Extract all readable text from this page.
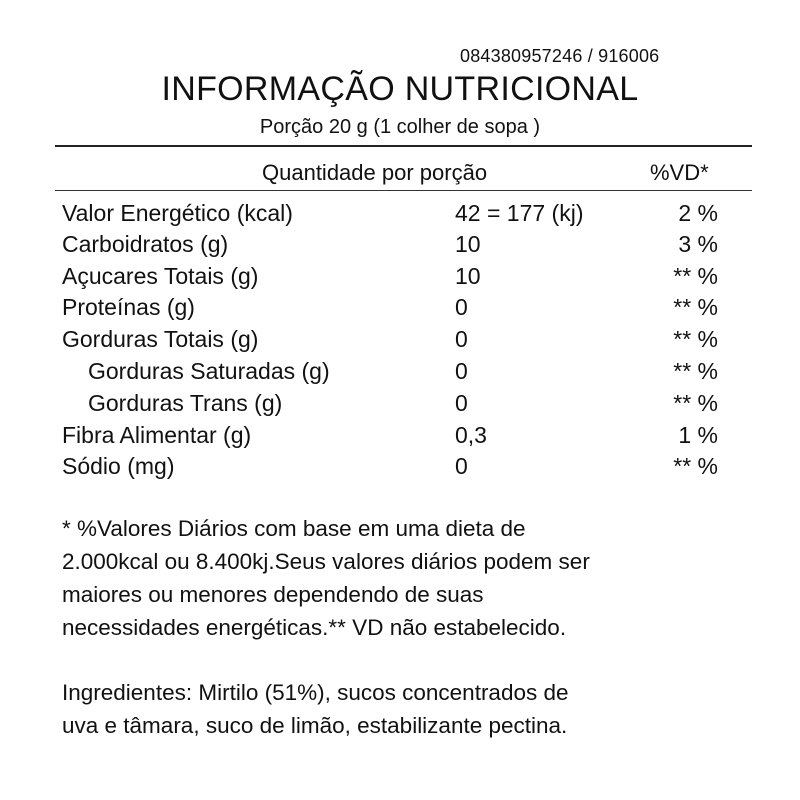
084380957246 / 916006
INFORMAÇÃO NUTRICIONAL
Porção 20 g (1 colher de sopa )
Quantidade por porção	%VD*
Valor Energético (kcal)	42 = 177 (kj)	2 %
Carboidratos (g)	10	3 %
Açucares Totais (g)	10	** %
Proteínas (g)	0	** %
Gorduras Totais (g)	0	** %
Gorduras Saturadas (g)	0	** %
Gorduras Trans (g)	0	** %
Fibra Alimentar (g)	0,3	1 %
Sódio (mg)	0	** %

* %Valores Diários com base em uma dieta de
2.000kcal ou 8.400kj.Seus valores diários podem ser
maiores ou menores dependendo de suas
necessidades energéticas.** VD não estabelecido.

Ingredientes: Mirtilo (51%), sucos concentrados de
uva e tâmara, suco de limão, estabilizante pectina.
